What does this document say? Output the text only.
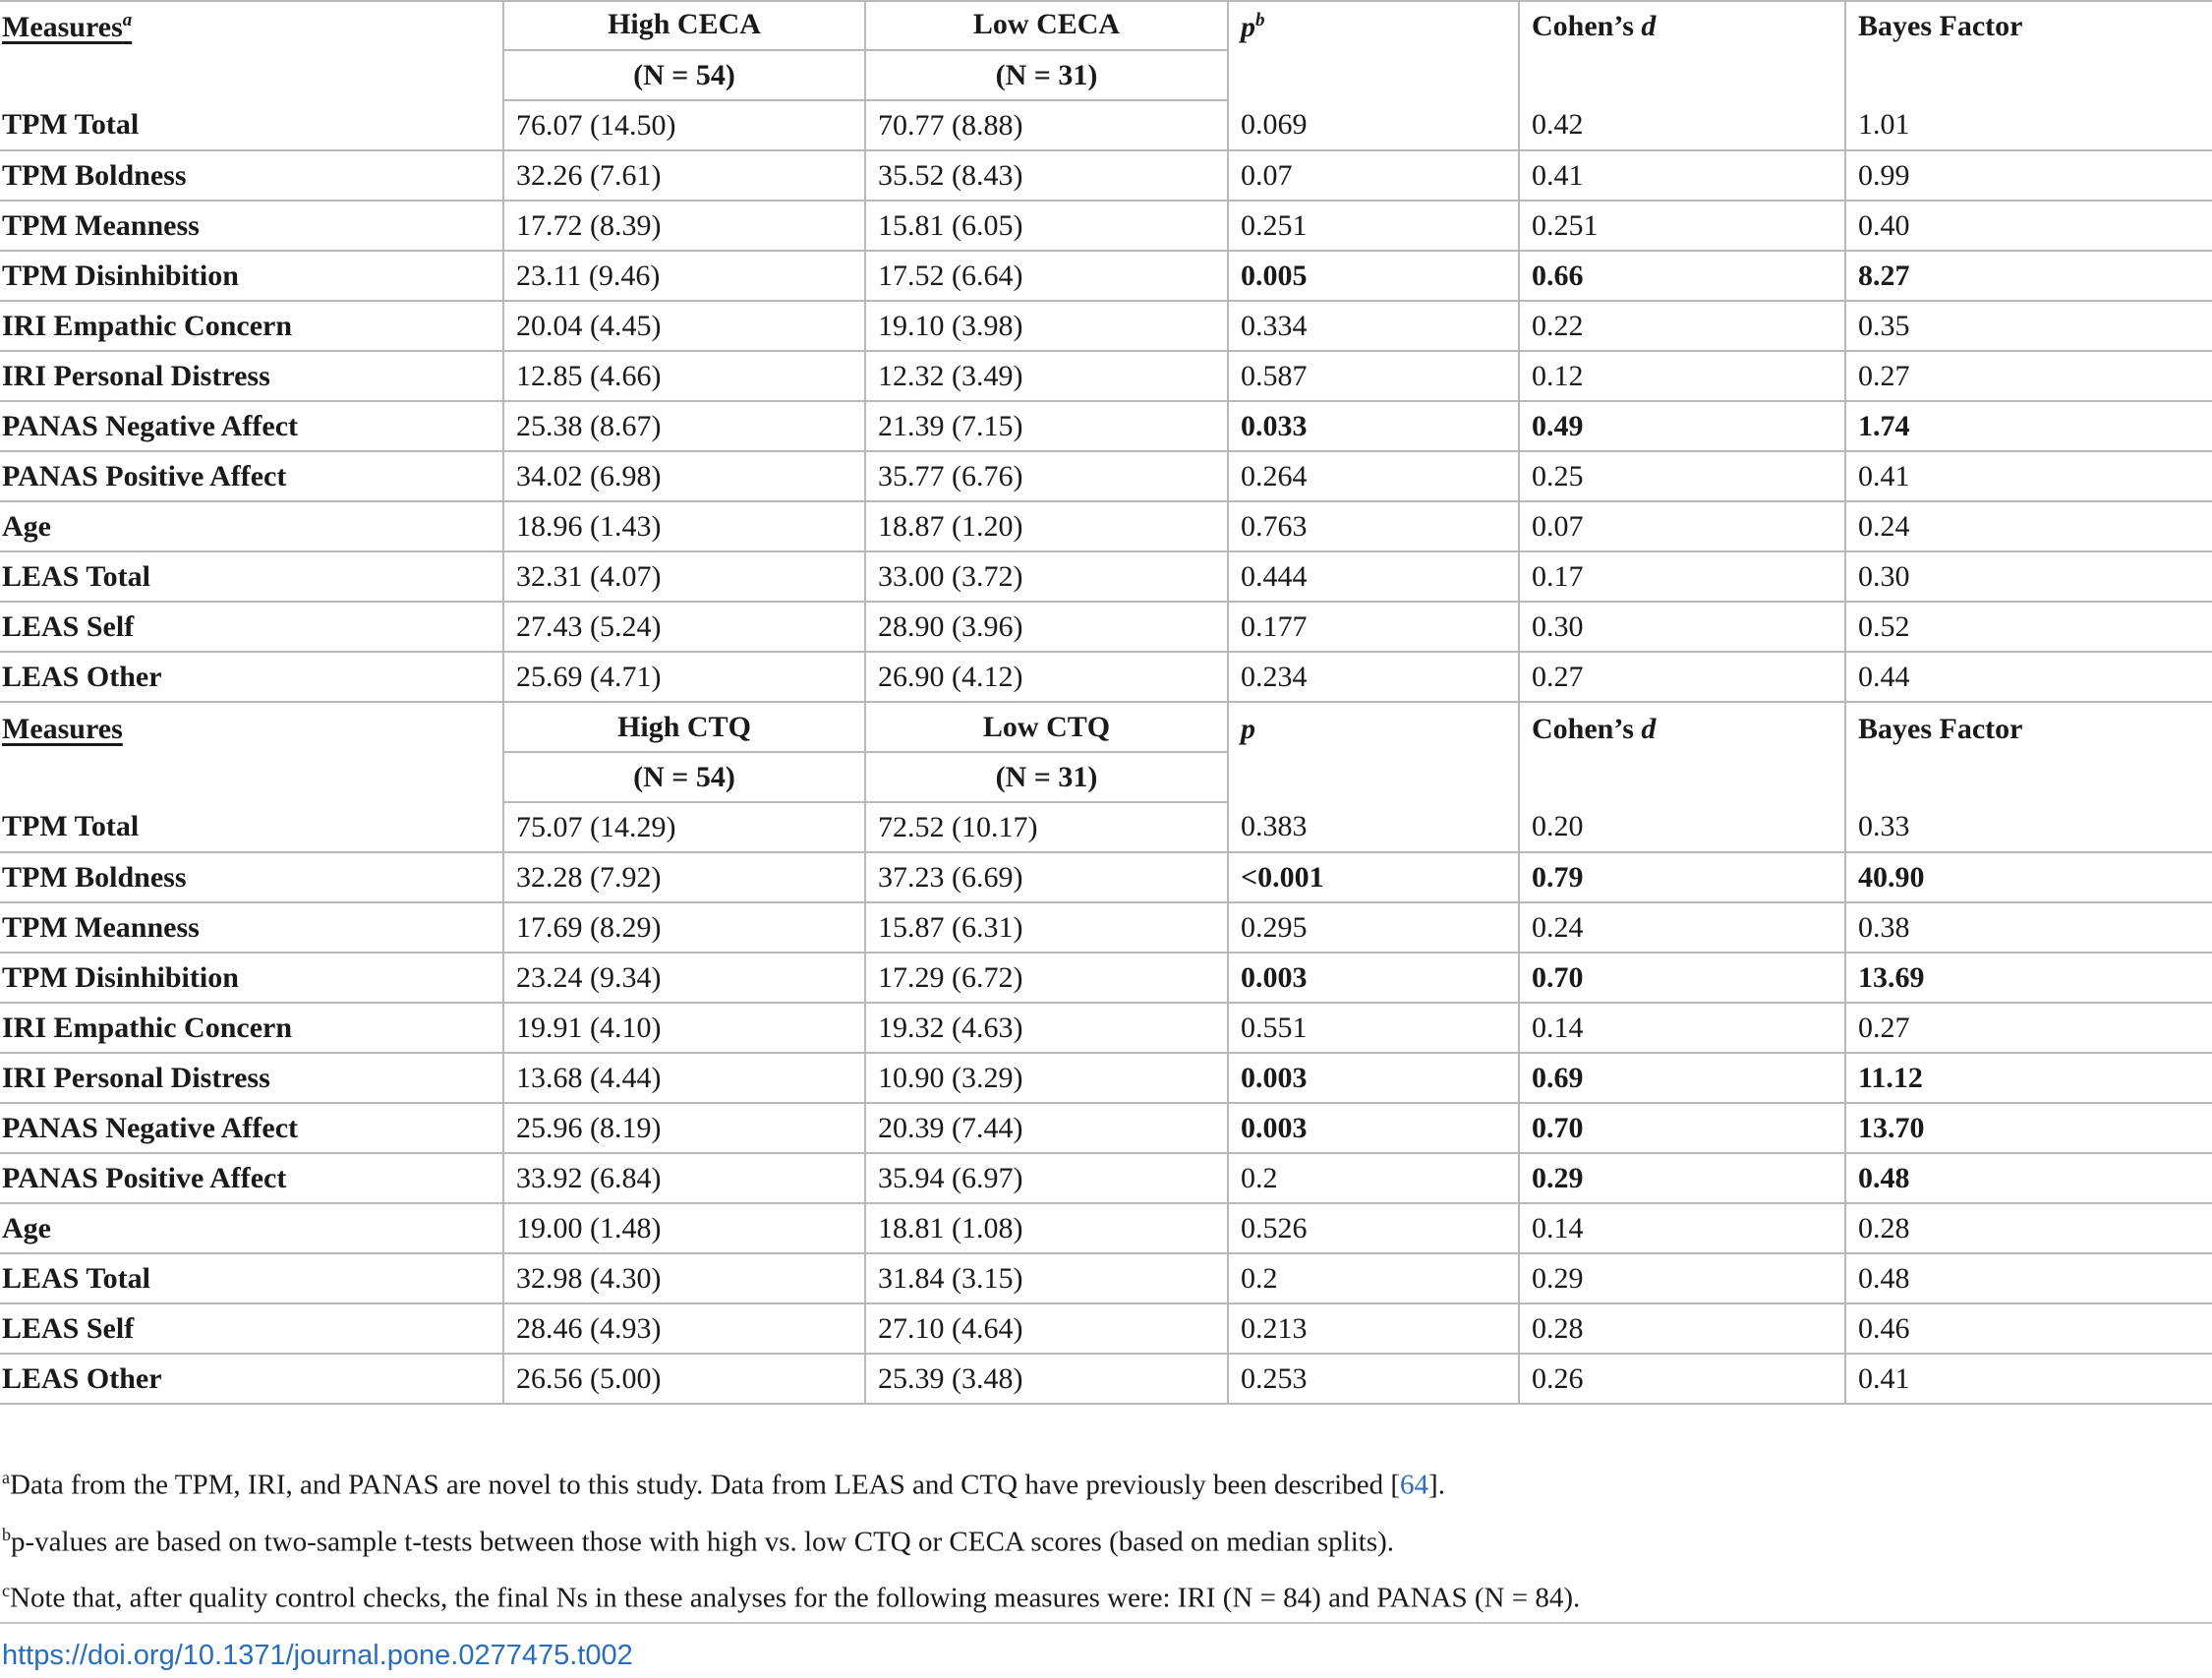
Measures$^a$	High CECA	Low CECA	$p^b$	Cohen’s d	Bayes Factor
	(N = 54)	(N = 31)			
TPM Total	76.07 (14.50)	70.77 (8.88)	0.069	0.42	1.01
TPM Boldness	32.26 (7.61)	35.52 (8.43)	0.07	0.41	0.99
TPM Meanness	17.72 (8.39)	15.81 (6.05)	0.251	0.251	0.40
TPM Disinhibition	23.11 (9.46)	17.52 (6.64)	0.005	0.66	8.27
IRI Empathic Concern	20.04 (4.45)	19.10 (3.98)	0.334	0.22	0.35
IRI Personal Distress	12.85 (4.66)	12.32 (3.49)	0.587	0.12	0.27
PANAS Negative Affect	25.38 (8.67)	21.39 (7.15)	0.033	0.49	1.74
PANAS Positive Affect	34.02 (6.98)	35.77 (6.76)	0.264	0.25	0.41
Age	18.96 (1.43)	18.87 (1.20)	0.763	0.07	0.24
LEAS Total	32.31 (4.07)	33.00 (3.72)	0.444	0.17	0.30
LEAS Self	27.43 (5.24)	28.90 (3.96)	0.177	0.30	0.52
LEAS Other	25.69 (4.71)	26.90 (4.12)	0.234	0.27	0.44
Measures	High CTQ	Low CTQ	p	Cohen’s d	Bayes Factor
	(N = 54)	(N = 31)			
TPM Total	75.07 (14.29)	72.52 (10.17)	0.383	0.20	0.33
TPM Boldness	32.28 (7.92)	37.23 (6.69)	<0.001	0.79	40.90
TPM Meanness	17.69 (8.29)	15.87 (6.31)	0.295	0.24	0.38
TPM Disinhibition	23.24 (9.34)	17.29 (6.72)	0.003	0.70	13.69
IRI Empathic Concern	19.91 (4.10)	19.32 (4.63)	0.551	0.14	0.27
IRI Personal Distress	13.68 (4.44)	10.90 (3.29)	0.003	0.69	11.12
PANAS Negative Affect	25.96 (8.19)	20.39 (7.44)	0.003	0.70	13.70
PANAS Positive Affect	33.92 (6.84)	35.94 (6.97)	0.2	0.29	0.48
Age	19.00 (1.48)	18.81 (1.08)	0.526	0.14	0.28
LEAS Total	32.98 (4.30)	31.84 (3.15)	0.2	0.29	0.48
LEAS Self	28.46 (4.93)	27.10 (4.64)	0.213	0.28	0.46
LEAS Other	26.56 (5.00)	25.39 (3.48)	0.253	0.26	0.41
$^a$Data from the TPM, IRI, and PANAS are novel to this study. Data from LEAS and CTQ have previously been described [64].
$^b$p-values are based on two-sample t-tests between those with high vs. low CTQ or CECA scores (based on median splits).
$^c$Note that, after quality control checks, the final Ns in these analyses for the following measures were: IRI (N = 84) and PANAS (N = 84).
https://doi.org/10.1371/journal.pone.0277475.t002
